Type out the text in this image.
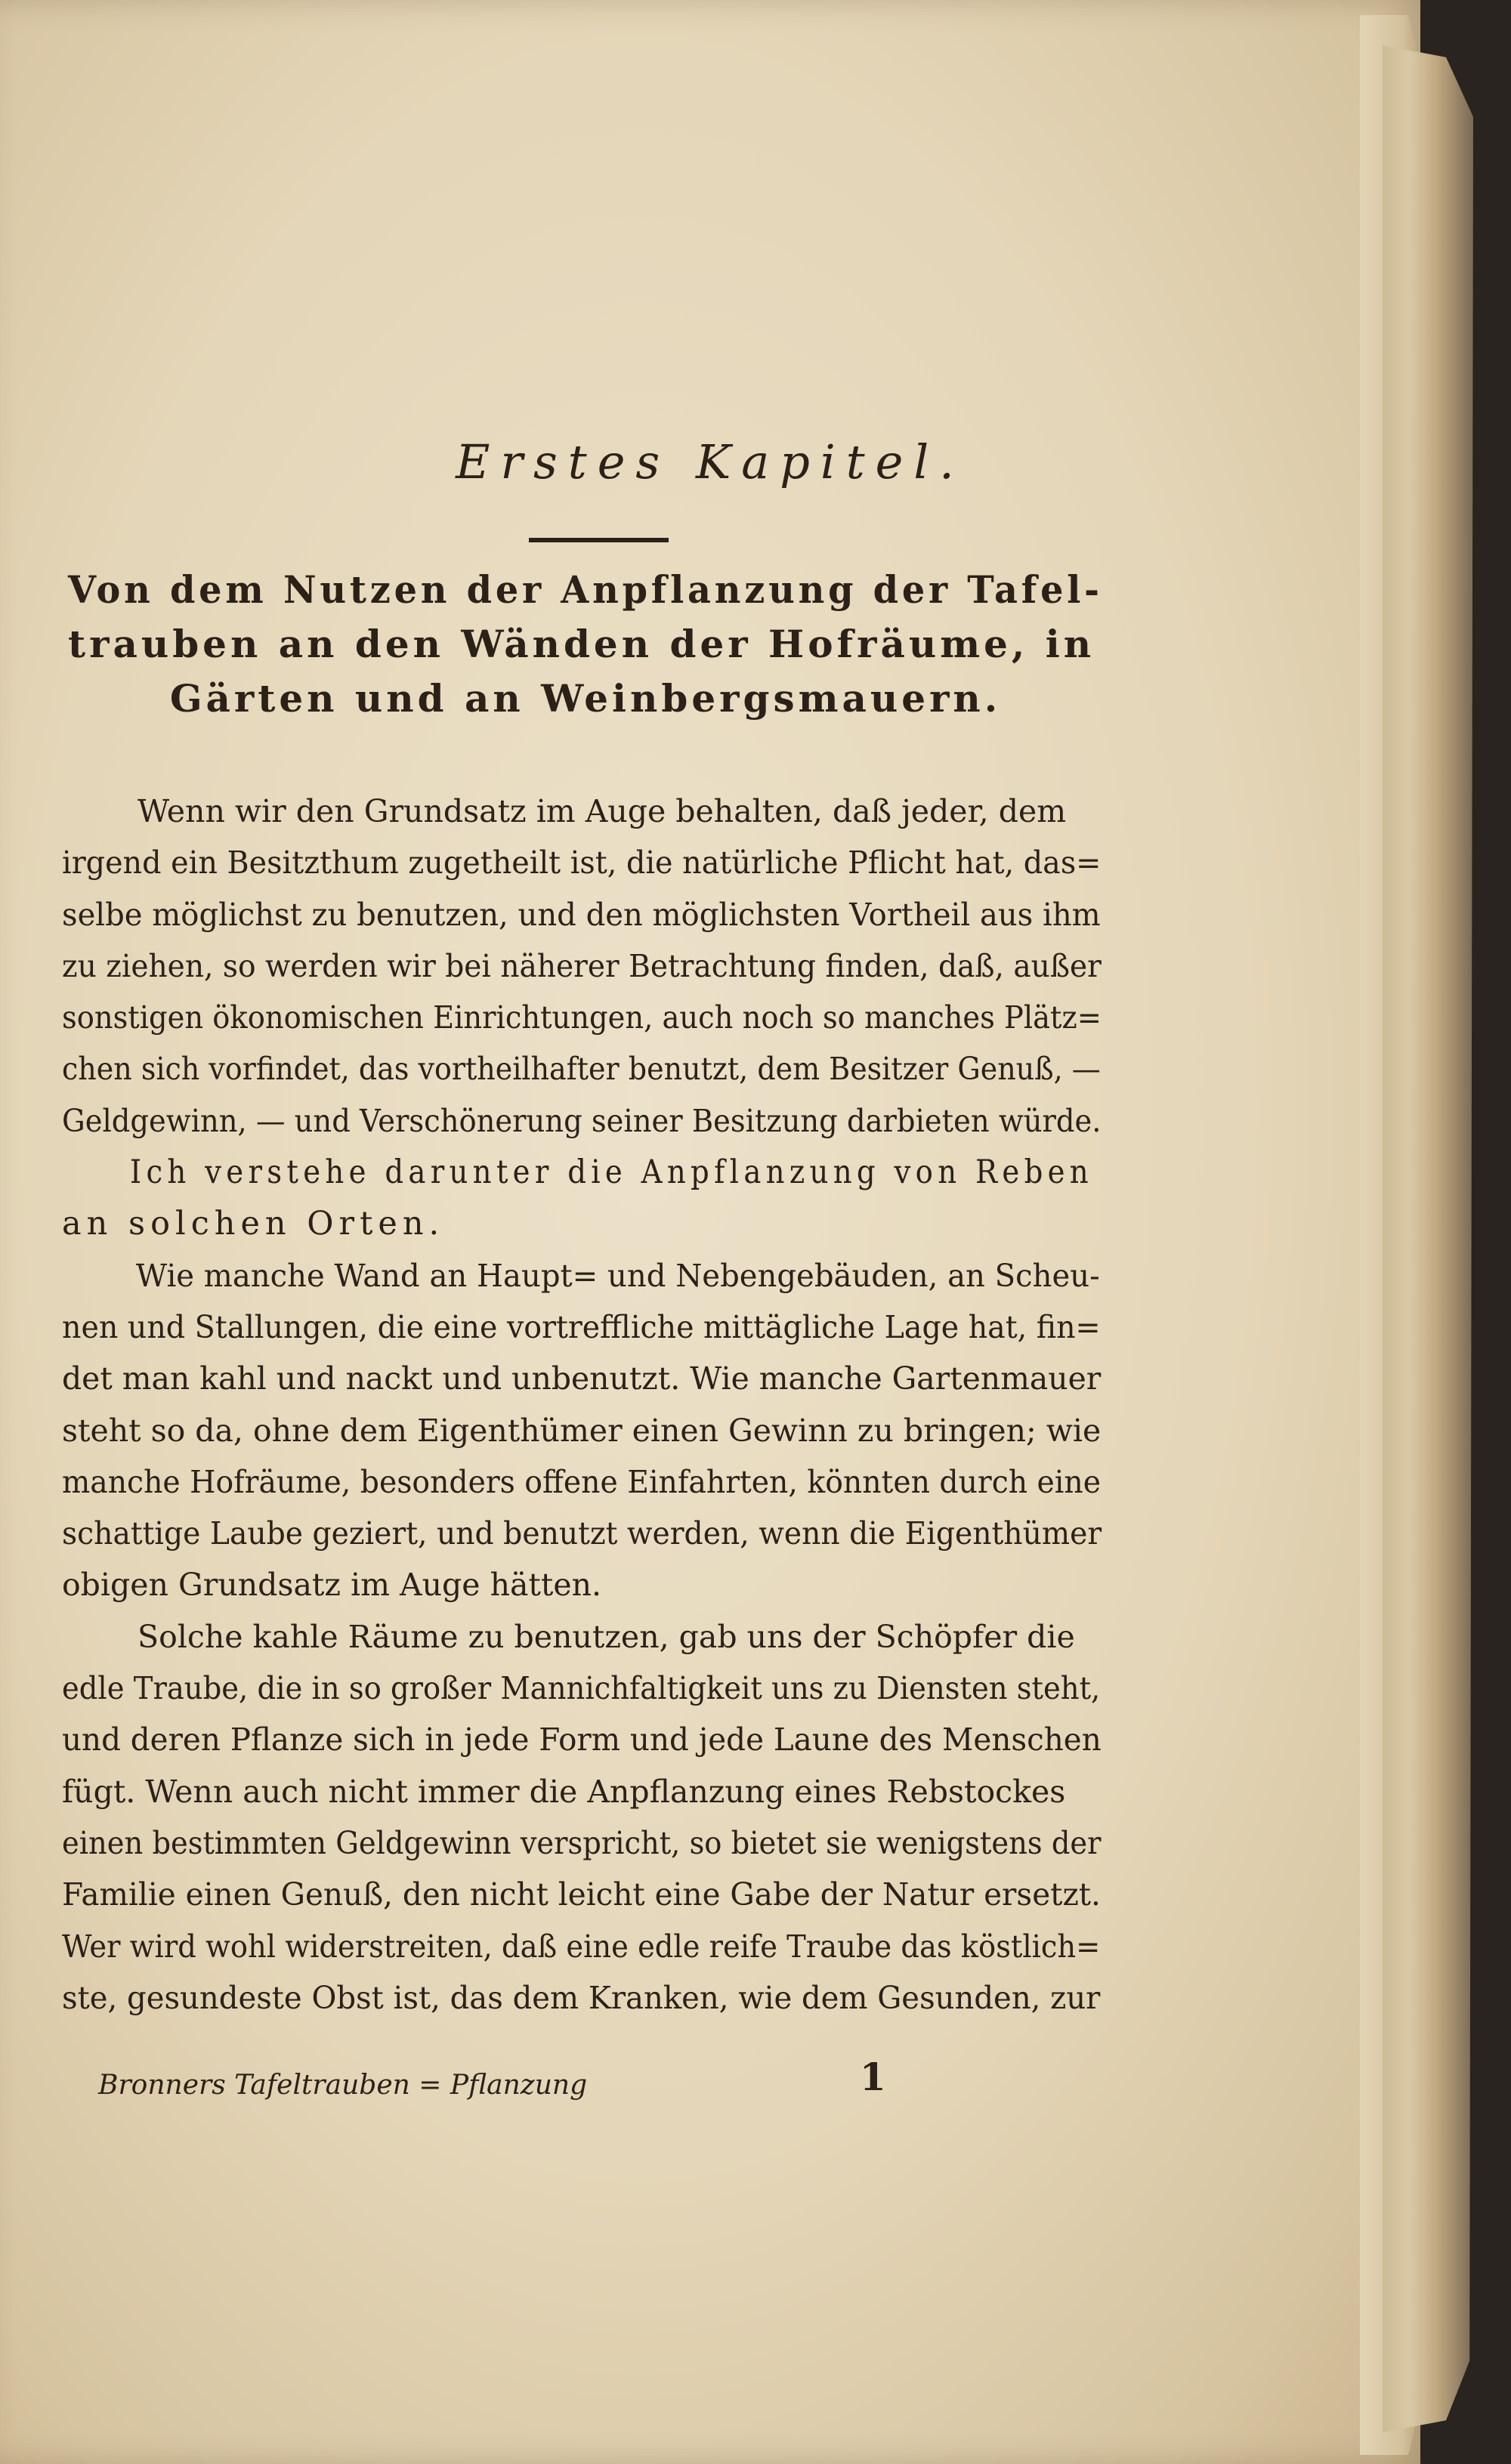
Erstes Kapitel.
Von dem Nutzen der Anpflanzung der Tafel-
trauben an den Wänden der Hofräume, in
Gärten und an Weinbergsmauern.
Wenn wir den Grundsatz im Auge behalten, daß jeder, dem
irgend ein Besitzthum zugetheilt ist, die natürliche Pflicht hat, das=
selbe möglichst zu benutzen, und den möglichsten Vortheil aus ihm
zu ziehen, so werden wir bei näherer Betrachtung finden, daß, außer
sonstigen ökonomischen Einrichtungen, auch noch so manches Plätz=
chen sich vorfindet, das vortheilhafter benutzt, dem Besitzer Genuß, —
Geldgewinn, — und Verschönerung seiner Besitzung darbieten würde.
Ich verstehe darunter die Anpflanzung von Reben
an solchen Orten.
Wie manche Wand an Haupt= und Nebengebäuden, an Scheu-
nen und Stallungen, die eine vortreffliche mittägliche Lage hat, fin=
det man kahl und nackt und unbenutzt. Wie manche Gartenmauer
steht so da, ohne dem Eigenthümer einen Gewinn zu bringen; wie
manche Hofräume, besonders offene Einfahrten, könnten durch eine
schattige Laube geziert, und benutzt werden, wenn die Eigenthümer
obigen Grundsatz im Auge hätten.
Solche kahle Räume zu benutzen, gab uns der Schöpfer die
edle Traube, die in so großer Mannichfaltigkeit uns zu Diensten steht,
und deren Pflanze sich in jede Form und jede Laune des Menschen
fügt. Wenn auch nicht immer die Anpflanzung eines Rebstockes
einen bestimmten Geldgewinn verspricht, so bietet sie wenigstens der
Familie einen Genuß, den nicht leicht eine Gabe der Natur ersetzt.
Wer wird wohl widerstreiten, daß eine edle reife Traube das köstlich=
ste, gesundeste Obst ist, das dem Kranken, wie dem Gesunden, zur
Bronners Tafeltrauben = Pflanzung	1
